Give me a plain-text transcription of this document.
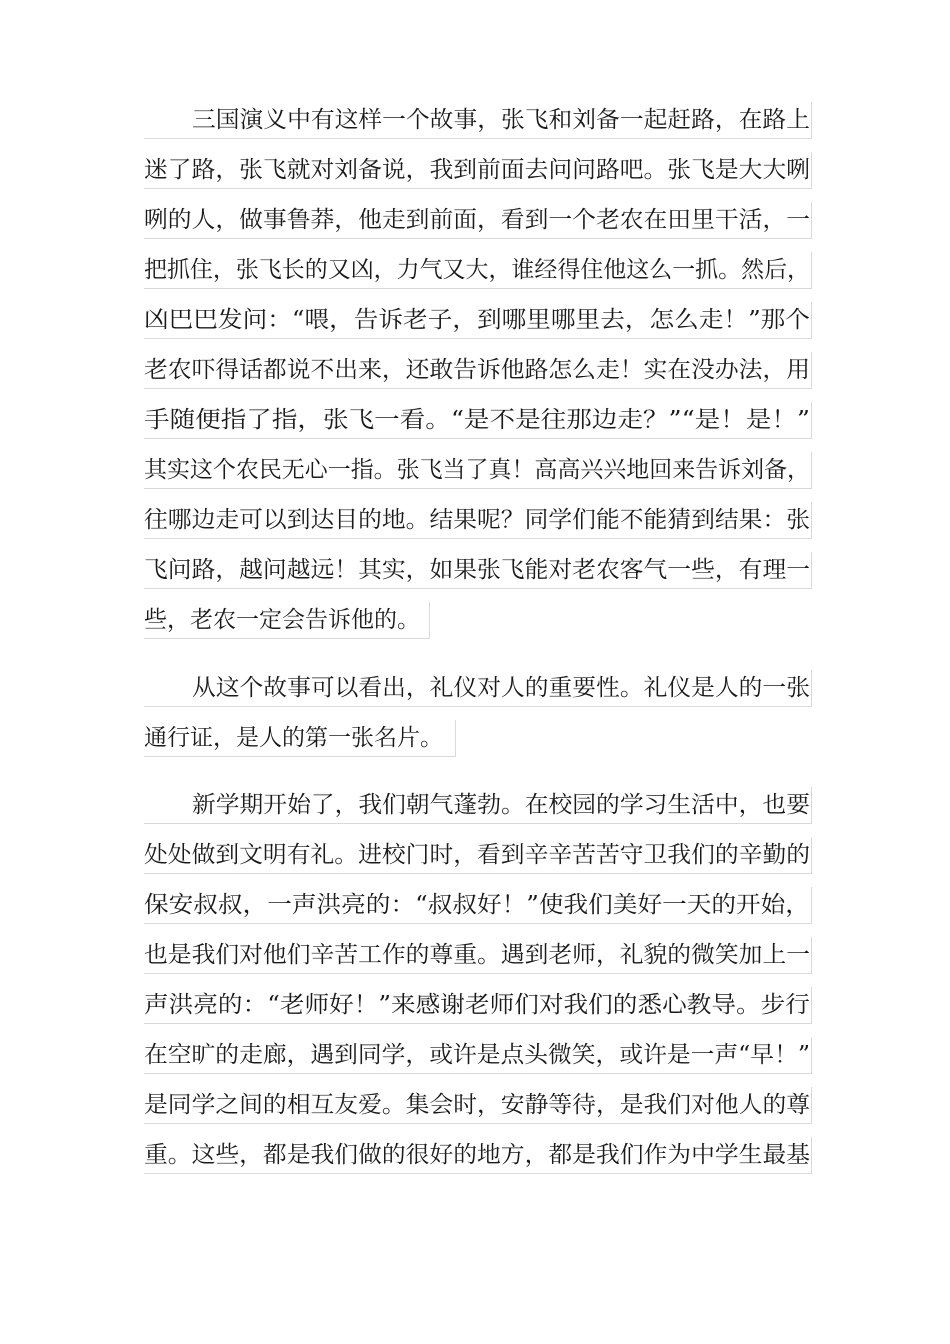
三国演义中有这样一个故事，张飞和刘备一起赶路，在路上
迷了路，张飞就对刘备说，我到前面去问问路吧。张飞是大大咧
咧的人，做事鲁莽，他走到前面，看到一个老农在田里干活，一
把抓住，张飞长的又凶，力气又大，谁经得住他这么一抓。然后，
凶巴巴发问：“喂，告诉老子，到哪里哪里去，怎么走！”那个
老农吓得话都说不出来，还敢告诉他路怎么走！实在没办法，用
手随便指了指，张飞一看。“是不是往那边走？”“是！是！”
其实这个农民无心一指。张飞当了真！高高兴兴地回来告诉刘备，
往哪边走可以到达目的地。结果呢？同学们能不能猜到结果：张
飞问路，越问越远！其实，如果张飞能对老农客气一些，有理一
些，老农一定会告诉他的。
从这个故事可以看出，礼仪对人的重要性。礼仪是人的一张
通行证，是人的第一张名片。
新学期开始了，我们朝气蓬勃。在校园的学习生活中，也要
处处做到文明有礼。进校门时，看到辛辛苦苦守卫我们的辛勤的
保安叔叔，一声洪亮的：“叔叔好！”使我们美好一天的开始，
也是我们对他们辛苦工作的尊重。遇到老师，礼貌的微笑加上一
声洪亮的：“老师好！”来感谢老师们对我们的悉心教导。步行
在空旷的走廊，遇到同学，或许是点头微笑，或许是一声“早！”
是同学之间的相互友爱。集会时，安静等待，是我们对他人的尊
重。这些，都是我们做的很好的地方，都是我们作为中学生最基
